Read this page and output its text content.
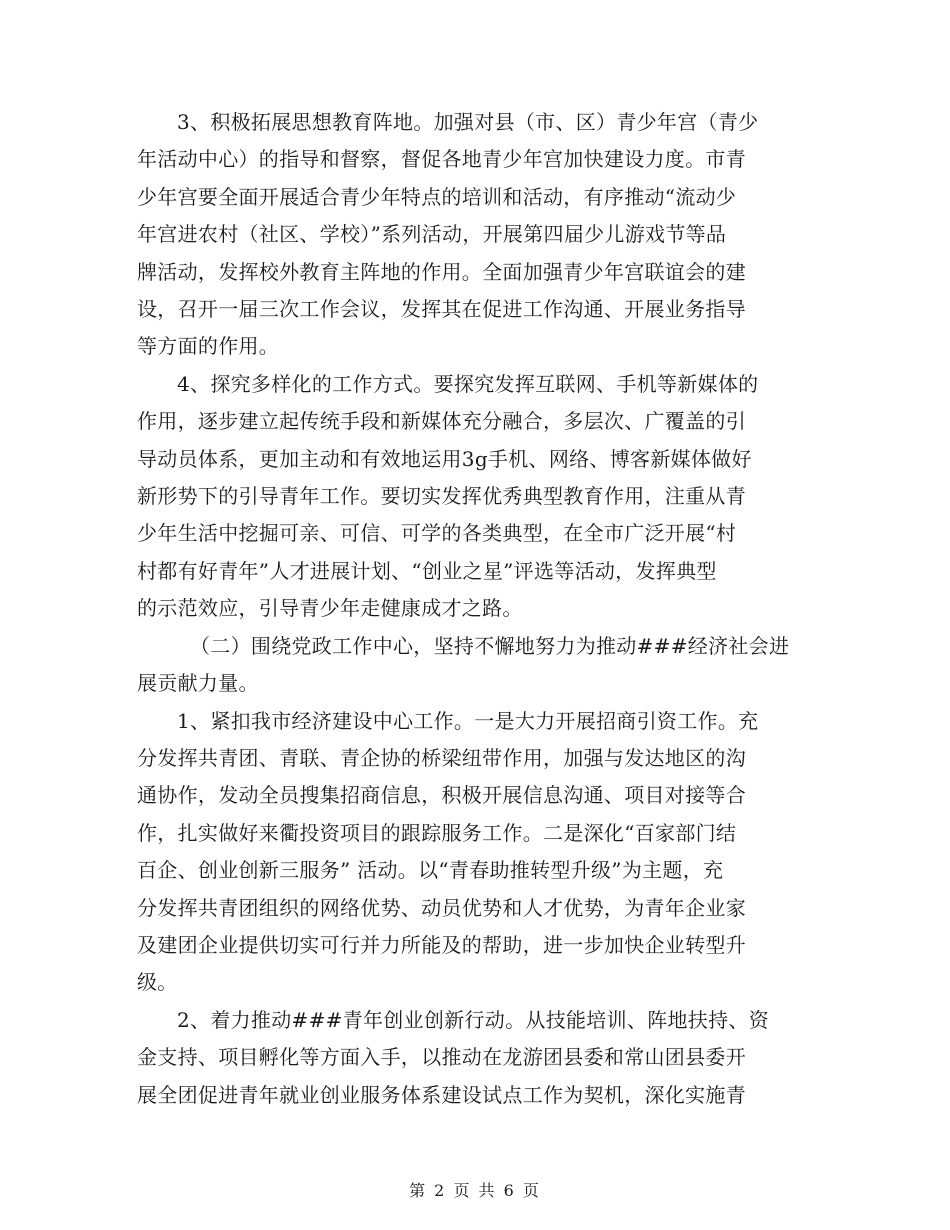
3、积极拓展思想教育阵地。加强对县（市、区）青少年宫（青少
年活动中心）的指导和督察，督促各地青少年宫加快建设力度。市青
少年宫要全面开展适合青少年特点的培训和活动，有序推动“流动少
年宫进农村（社区、学校）”系列活动，开展第四届少儿游戏节等品
牌活动，发挥校外教育主阵地的作用。全面加强青少年宫联谊会的建
设，召开一届三次工作会议，发挥其在促进工作沟通、开展业务指导
等方面的作用。

4、探究多样化的工作方式。要探究发挥互联网、手机等新媒体的
作用，逐步建立起传统手段和新媒体充分融合，多层次、广覆盖的引
导动员体系，更加主动和有效地运用3g手机、网络、博客新媒体做好
新形势下的引导青年工作。要切实发挥优秀典型教育作用，注重从青
少年生活中挖掘可亲、可信、可学的各类典型，在全市广泛开展“村
村都有好青年”人才进展计划、“创业之星”评选等活动，发挥典型
的示范效应，引导青少年走健康成才之路。

（二）围绕党政工作中心，坚持不懈地努力为推动###经济社会进
展贡献力量。

1、紧扣我市经济建设中心工作。一是大力开展招商引资工作。充
分发挥共青团、青联、青企协的桥梁纽带作用，加强与发达地区的沟
通协作，发动全员搜集招商信息，积极开展信息沟通、项目对接等合
作，扎实做好来衢投资项目的跟踪服务工作。二是深化“百家部门结
百企、创业创新三服务” 活动。以“青春助推转型升级”为主题，充
分发挥共青团组织的网络优势、动员优势和人才优势，为青年企业家
及建团企业提供切实可行并力所能及的帮助，进一步加快企业转型升
级。

2、着力推动###青年创业创新行动。从技能培训、阵地扶持、资
金支持、项目孵化等方面入手，以推动在龙游团县委和常山团县委开
展全团促进青年就业创业服务体系建设试点工作为契机，深化实施青

第 2 页 共 6 页
